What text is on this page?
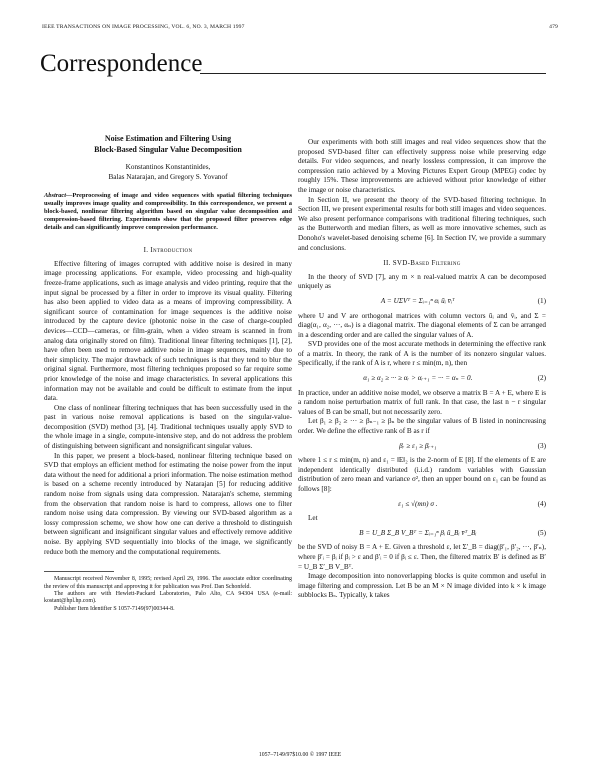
IEEE TRANSACTIONS ON IMAGE PROCESSING, VOL. 6, NO. 3, MARCH 1997	479
Correspondence
Noise Estimation and Filtering Using
Block-Based Singular Value Decomposition
Konstantinos Konstantinides,
Balas Natarajan, and Gregory S. Yovanof
Abstract—Preprocessing of image and video sequences with spatial filtering techniques usually improves image quality and compressibility. In this correspondence, we present a block-based, nonlinear filtering algorithm based on singular value decomposition and compression-based filtering. Experiments show that the proposed filter preserves edge details and can significantly improve compression performance.
I. Introduction

Effective filtering of images corrupted with additive noise is desired in many image processing applications. For example, video processing and high-quality freeze-frame applications, such as image analysis and video printing, require that the input signal be processed by a filter in order to improve its visual quality. Filtering has also been applied to video data as a means of improving compressibility. A significant source of contamination for image sequences is the additive noise introduced by the capture device (photonic noise in the case of charge-coupled devices—CCD—cameras, or film-grain, when a video stream is scanned in from analog data originally stored on film). Traditional linear filtering techniques [1], [2], have often been used to remove additive noise in image sequences, mainly due to their simplicity. The major drawback of such techniques is that they tend to blur the original signal. Furthermore, most filtering techniques proposed so far require some prior knowledge of the noise and image characteristics. In several applications this information may not be available and could be difficult to estimate from the input data.

One class of nonlinear filtering techniques that has been successfully used in the past in various noise removal applications is based on the singular-value-decomposition (SVD) method [3], [4]. Traditional techniques usually apply SVD to the whole image in a single, compute-intensive step, and do not address the problem of distinguishing between significant and nonsignificant singular values.

In this paper, we present a block-based, nonlinear filtering technique based on SVD that employs an efficient method for estimating the noise power from the input data without the need for additional a priori information. The noise estimation method is based on a scheme recently introduced by Natarajan [5] for reducing additive random noise from signals using data compression. Natarajan's scheme, stemming from the observation that random noise is hard to compress, allows one to filter random noise using data compression. By viewing our SVD-based algorithm as a lossy compression scheme, we show how one can derive a threshold to distinguish between significant and insignificant singular values and effectively remove additive noise. By applying SVD sequentially into blocks of the image, we significantly reduce both the memory and the computational requirements.

Manuscript received November 8, 1995; revised April 29, 1996. The associate editor coordinating the review of this manuscript and approving it for publication was Prof. Dan Schonfeld.

The authors are with Hewlett-Packard Laboratories, Palo Alto, CA 94304 USA (e-mail: kostant@hpl.hp.com).

Publisher Item Identifier S 1057-7149(97)00344-8.

Our experiments with both still images and real video sequences show that the proposed SVD-based filter can effectively suppress noise while preserving edge details. For video sequences, and nearly lossless compression, it can improve the compression ratio achieved by a Moving Pictures Expert Group (MPEG) codec by roughly 15%. These improvements are achieved without prior knowledge of either the image or noise characteristics.

In Section II, we present the theory of the SVD-based filtering technique. In Section III, we present experimental results for both still images and video sequences. We also present performance comparisons with traditional filtering techniques, such as the Butterworth and median filters, as well as more innovative schemes, such as Donoho's wavelet-based denoising scheme [6]. In Section IV, we provide a summary and conclusions.

II. SVD-Based Filtering

In the theory of SVD [7], any m × n real-valued matrix A can be decomposed uniquely as

A = UΣVᵀ = Σᵢ₌₁ⁿ αᵢ ūᵢ v̄ᵢᵀ	(1)

where U and V are orthogonal matrices with column vectors ūᵢ and v̄ᵢ, and Σ = diag(α₁, α₂, ···, αₙ) is a diagonal matrix. The diagonal elements of Σ can be arranged in a descending order and are called the singular values of A.

SVD provides one of the most accurate methods in determining the effective rank of a matrix. In theory, the rank of A is the number of its nonzero singular values. Specifically, if the rank of A is r, where r ≤ min(m, n), then

α₁ ≥ α₂ ≥ ··· ≥ αᵣ > αᵣ₊₁ = ··· = αₙ = 0.	(2)

In practice, under an additive noise model, we observe a matrix B = A + E, where E is a random noise perturbation matrix of full rank. In that case, the last n − r singular values of B can be small, but not necessarily zero.

Let β₁ ≥ β₂ ≥ ··· ≥ βₙ₋₁ ≥ βₙ be the singular values of B listed in nonincreasing order. We define the effective rank of B as r if

βᵣ ≥ ε₁ ≥ βᵣ₊₁	(3)

where 1 ≤ r ≤ min(m, n) and ε₁ = ‖E‖₂ is the 2-norm of E [8]. If the elements of E are independent identically distributed (i.i.d.) random variables with Gaussian distribution of zero mean and variance σ², then an upper bound on ε₁ can be found as follows [8]:

ε₁ ≤ √(mn) σ .	(4)

Let

B = U_B Σ_B V_Bᵀ = Σᵢ₌₁ⁿ βᵢ ū_Bᵢ v̄ᵀ_Bᵢ	(5)

be the SVD of noisy B = A + E. Given a threshold ε, let Σ′_B = diag(β′₁, β′₂, ···, β′ₙ), where β′ᵢ = βᵢ if βᵢ > ε and β′ᵢ = 0 if βᵢ ≤ ε. Then, the filtered matrix B′ is defined as B′ = U_B Σ′_B V_Bᵀ.

Image decomposition into nonoverlapping blocks is quite common and useful in image filtering and compression. Let B be an M × N image divided into k × k image subblocks Bₛ. Typically, k takes

1057–7149/97$10.00 © 1997 IEEE
